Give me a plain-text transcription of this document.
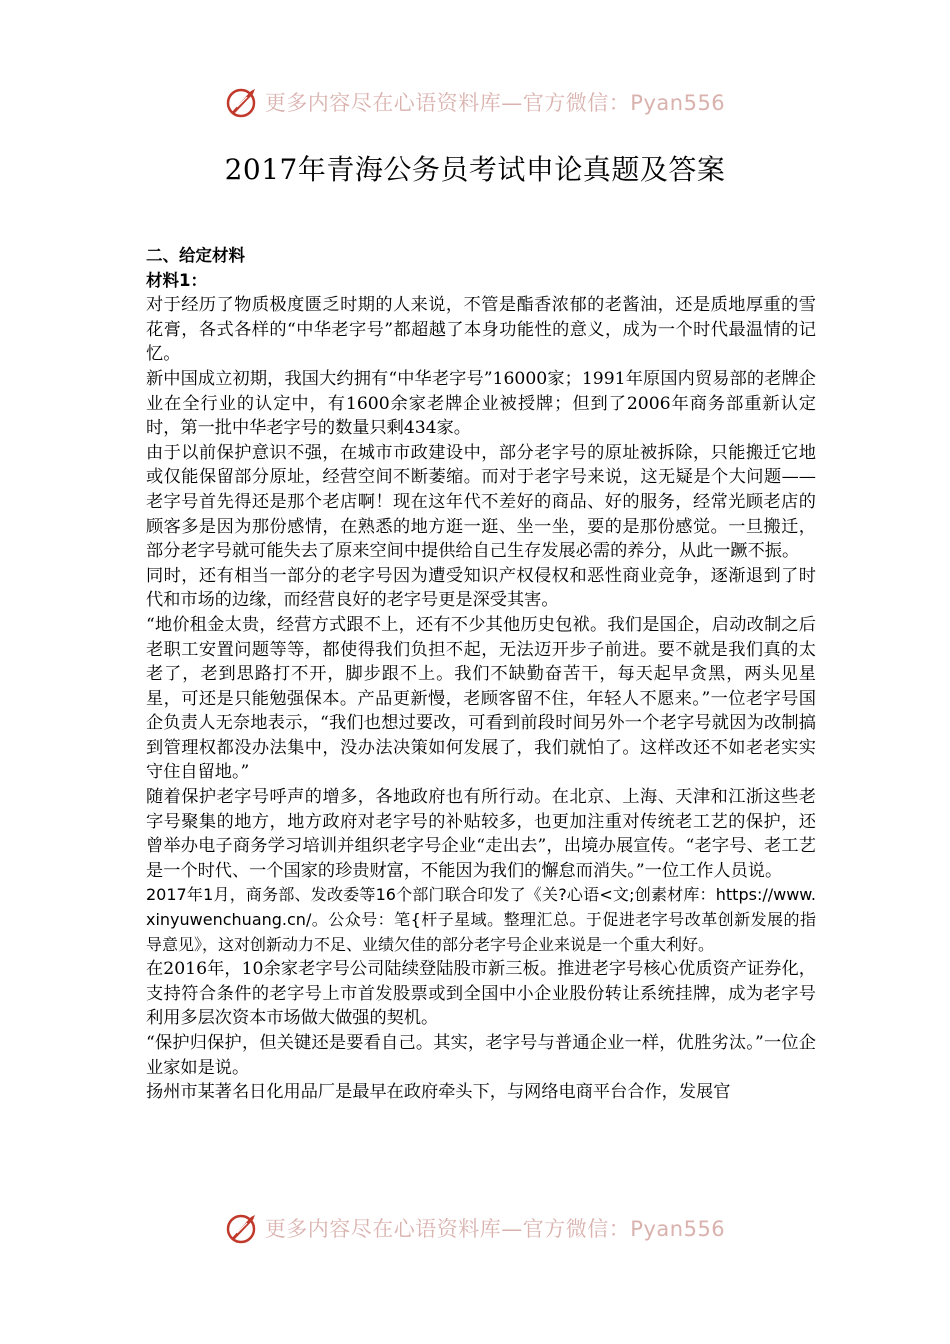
更多内容尽在心语资料库—官方微信：Pyan556
2017年青海公务员考试申论真题及答案

二、给定材料

材料1：

对于经历了物质极度匮乏时期的人来说，不管是酯香浓郁的老酱油，还是质地厚重的雪花膏，各式各样的“中华老字号”都超越了本身功能性的意义，成为一个时代最温情的记忆。

新中国成立初期，我国大约拥有“中华老字号”16000家；1991年原国内贸易部的老牌企业在全行业的认定中，有1600余家老牌企业被授牌；但到了2006年商务部重新认定时，第一批中华老字号的数量只剩434家。

由于以前保护意识不强，在城市市政建设中，部分老字号的原址被拆除，只能搬迁它地或仅能保留部分原址，经营空间不断萎缩。而对于老字号来说，这无疑是个大问题——老字号首先得还是那个老店啊！现在这年代不差好的商品、好的服务，经常光顾老店的顾客多是因为那份感情，在熟悉的地方逛一逛、坐一坐，要的是那份感觉。一旦搬迁，部分老字号就可能失去了原来空间中提供给自己生存发展必需的养分，从此一蹶不振。

同时，还有相当一部分的老字号因为遭受知识产权侵权和恶性商业竞争，逐渐退到了时代和市场的边缘，而经营良好的老字号更是深受其害。

“地价租金太贵，经营方式跟不上，还有不少其他历史包袱。我们是国企，启动改制之后老职工安置问题等等，都使得我们负担不起，无法迈开步子前进。要不就是我们真的太老了，老到思路打不开，脚步跟不上。我们不缺勤奋苦干，每天起早贪黑，两头见星星，可还是只能勉强保本。产品更新慢，老顾客留不住，年轻人不愿来。”一位老字号国企负责人无奈地表示，“我们也想过要改，可看到前段时间另外一个老字号就因为改制搞到管理权都没办法集中，没办法决策如何发展了，我们就怕了。这样改还不如老老实实守住自留地。”

随着保护老字号呼声的增多，各地政府也有所行动。在北京、上海、天津和江浙这些老字号聚集的地方，地方政府对老字号的补贴较多，也更加注重对传统老工艺的保护，还曾举办电子商务学习培训并组织老字号企业“走出去”，出境办展宣传。“老字号、老工艺是一个时代、一个国家的珍贵财富，不能因为我们的懈怠而消失。”一位工作人员说。

2017年1月，商务部、发改委等16个部门联合印发了《关?心语<文;创素材库：https://www.xinyuwenchuang.cn/。公众号：笔{杆子星域。整理汇总。于促进老字号改革创新发展的指导意见》，这对创新动力不足、业绩欠佳的部分老字号企业来说是一个重大利好。

在2016年，10余家老字号公司陆续登陆股市新三板。推进老字号核心优质资产证券化，支持符合条件的老字号上市首发股票或到全国中小企业股份转让系统挂牌，成为老字号利用多层次资本市场做大做强的契机。

“保护归保护，但关键还是要看自己。其实，老字号与普通企业一样，优胜劣汰。”一位企业家如是说。

扬州市某著名日化用品厂是最早在政府牵头下，与网络电商平台合作，发展官

更多内容尽在心语资料库—官方微信：Pyan556
